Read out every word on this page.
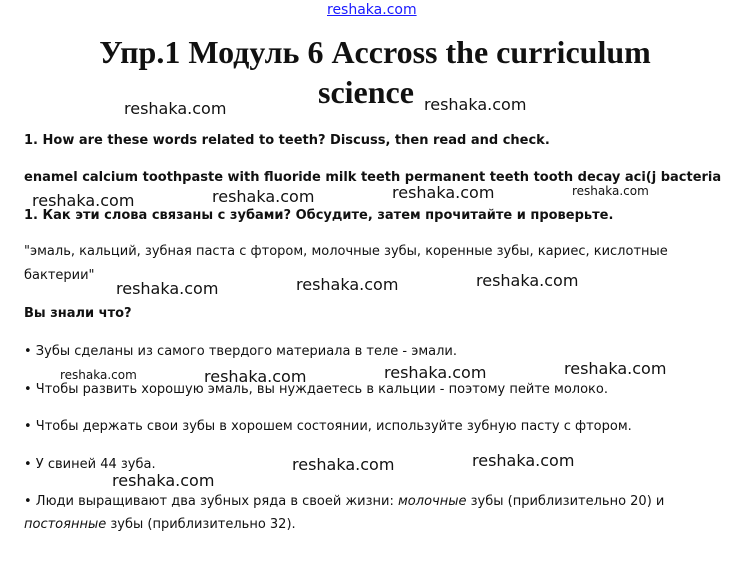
reshaka.com
Упр.1 Модуль 6 Accross the curriculum
science
reshaka.com	reshaka.com
reshaka.com	reshaka.com	reshaka.com	reshaka.com
reshaka.com	reshaka.com	reshaka.com
reshaka.com	reshaka.com	reshaka.com	reshaka.com
reshaka.com
reshaka.com	reshaka.com
1. How are these words related to teeth? Discuss, then read and check.
enamel calcium toothpaste with fluoride milk teeth permanent teeth tooth decay aci(j bacteria
1. Как эти слова связаны с зубами? Обсудите, затем прочитайте и проверьте.
"эмаль, кальций, зубная паста с фтором, молочные зубы, коренные зубы, кариес, кислотные
бактерии"
Вы знали что?
• Зубы сделаны из самого твердого материала в теле - эмали.
• Чтобы развить хорошую эмаль, вы нуждаетесь в кальции - поэтому пейте молоко.
• Чтобы держать свои зубы в хорошем состоянии, используйте зубную пасту с фтором.
• У свиней 44 зуба.
• Люди выращивают два зубных ряда в своей жизни: молочные зубы (приблизительно 20) и
постоянные зубы (приблизительно 32).
